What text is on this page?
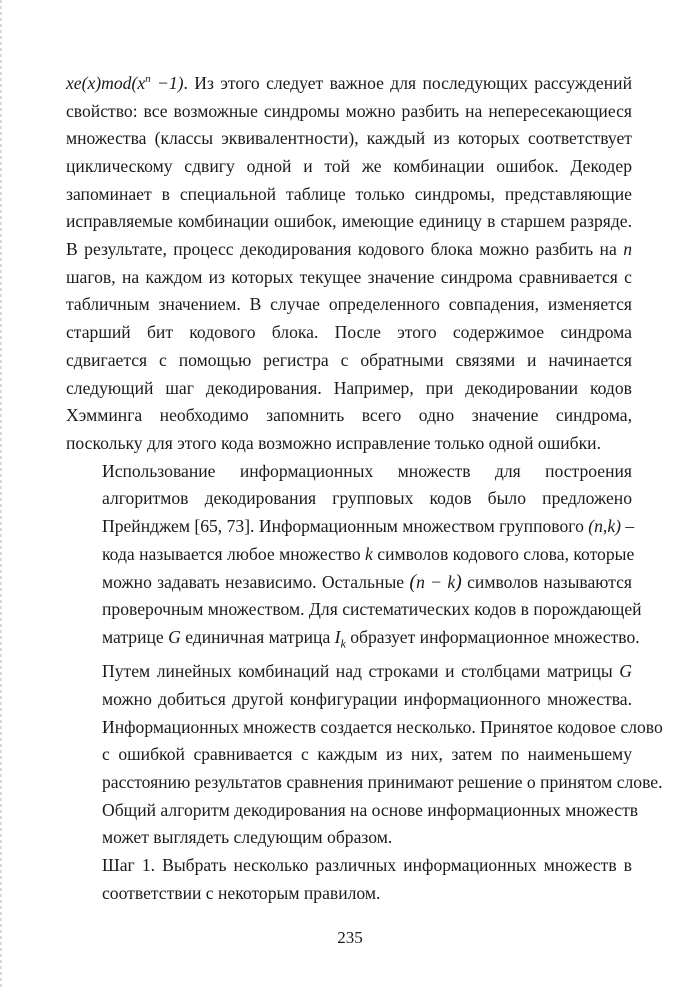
$xe(x)mod(x^n -1)$. Из этого следует важное для последующих рассуждений
свойство: все возможные синдромы можно разбить на непересекающиеся
множества (классы эквивалентности), каждый из которых соответствует
циклическому сдвигу одной и той же комбинации ошибок. Декодер
запоминает в специальной таблице только синдромы, представляющие
исправляемые комбинации ошибок, имеющие единицу в старшем разряде.
В результате, процесс декодирования кодового блока можно разбить на n
шагов, на каждом из которых текущее значение синдрома сравнивается с
табличным значением. В случае определенного совпадения, изменяется
старший бит кодового блока. После этого содержимое синдрома
сдвигается с помощью регистра с обратными связями и начинается
следующий шаг декодирования. Например, при декодировании кодов
Хэмминга необходимо запомнить всего одно значение синдрома,
поскольку для этого кода возможно исправление только одной ошибки.
Использование информационных множеств для построения
алгоритмов декодирования групповых кодов было предложено
Прейнджем [65, 73]. Информационным множеством группового (n,k) –
кода называется любое множество k символов кодового слова, которые
можно задавать независимо. Остальные (n − k) символов называются
проверочным множеством. Для систематических кодов в порождающей
матрице G единичная матрица $I_k$ образует информационное множество.
Путем линейных комбинаций над строками и столбцами матрицы G
можно добиться другой конфигурации информационного множества.
Информационных множеств создается несколько. Принятое кодовое слово
с ошибкой сравнивается с каждым из них, затем по наименьшему
расстоянию результатов сравнения принимают решение о принятом слове.
Общий алгоритм декодирования на основе информационных множеств
может выглядеть следующим образом.
Шаг 1. Выбрать несколько различных информационных множеств в
соответствии с некоторым правилом.
235
